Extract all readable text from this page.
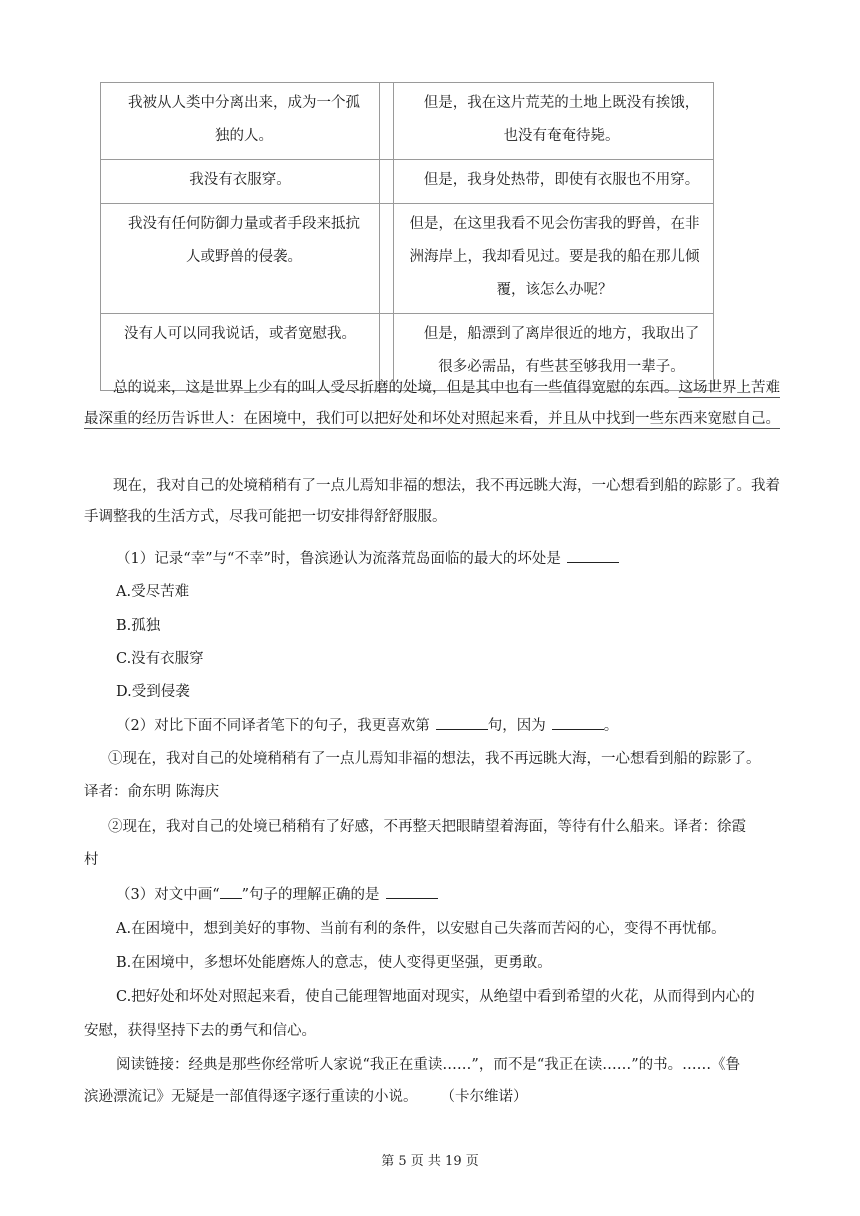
我被从人类中分离出来，成为一个孤独的人。		但是，我在这片荒芜的土地上既没有挨饿，也没有奄奄待毙。
我没有衣服穿。		但是，我身处热带，即使有衣服也不用穿。
我没有任何防御力量或者手段来抵抗人或野兽的侵袭。		但是，在这里我看不见会伤害我的野兽，在非洲海岸上，我却看见过。要是我的船在那儿倾覆，该怎么办呢？
没有人可以同我说话，或者宽慰我。		但是，船漂到了离岸很近的地方，我取出了很多必需品，有些甚至够我用一辈子。

总的说来，这是世界上少有的叫人受尽折磨的处境，但是其中也有一些值得宽慰的东西。这场世界上苦难最深重的经历告诉世人：在困境中，我们可以把好处和坏处对照起来看，并且从中找到一些东西来宽慰自己。

现在，我对自己的处境稍稍有了一点儿焉知非福的想法，我不再远眺大海，一心想看到船的踪影了。我着手调整我的生活方式，尽我可能把一切安排得舒舒服服。

（1）记录“幸”与“不幸”时，鲁滨逊认为流落荒岛面临的最大的坏处是
A.受尽苦难
B.孤独
C.没有衣服穿
D.受到侵袭
（2）对比下面不同译者笔下的句子，我更喜欢第	句，因为	。
①现在，我对自己的处境稍稍有了一点儿焉知非福的想法，我不再远眺大海，一心想看到船的踪影了。
译者：俞东明 陈海庆
②现在，我对自己的处境已稍稍有了好感，不再整天把眼睛望着海面，等待有什么船来。译者：徐霞
村
（3）对文中画“ ”句子的理解正确的是
A.在困境中，想到美好的事物、当前有利的条件，以安慰自己失落而苦闷的心，变得不再忧郁。
B.在困境中，多想坏处能磨炼人的意志，使人变得更坚强，更勇敢。
C.把好处和坏处对照起来看，使自己能理智地面对现实，从绝望中看到希望的火花，从而得到内心的
安慰，获得坚持下去的勇气和信心。
阅读链接：经典是那些你经常听人家说“我正在重读……”，而不是“我正在读……”的书。……《鲁
滨逊漂流记》无疑是一部值得逐字逐行重读的小说。     （卡尔维诺）
第 5 页 共 19 页
